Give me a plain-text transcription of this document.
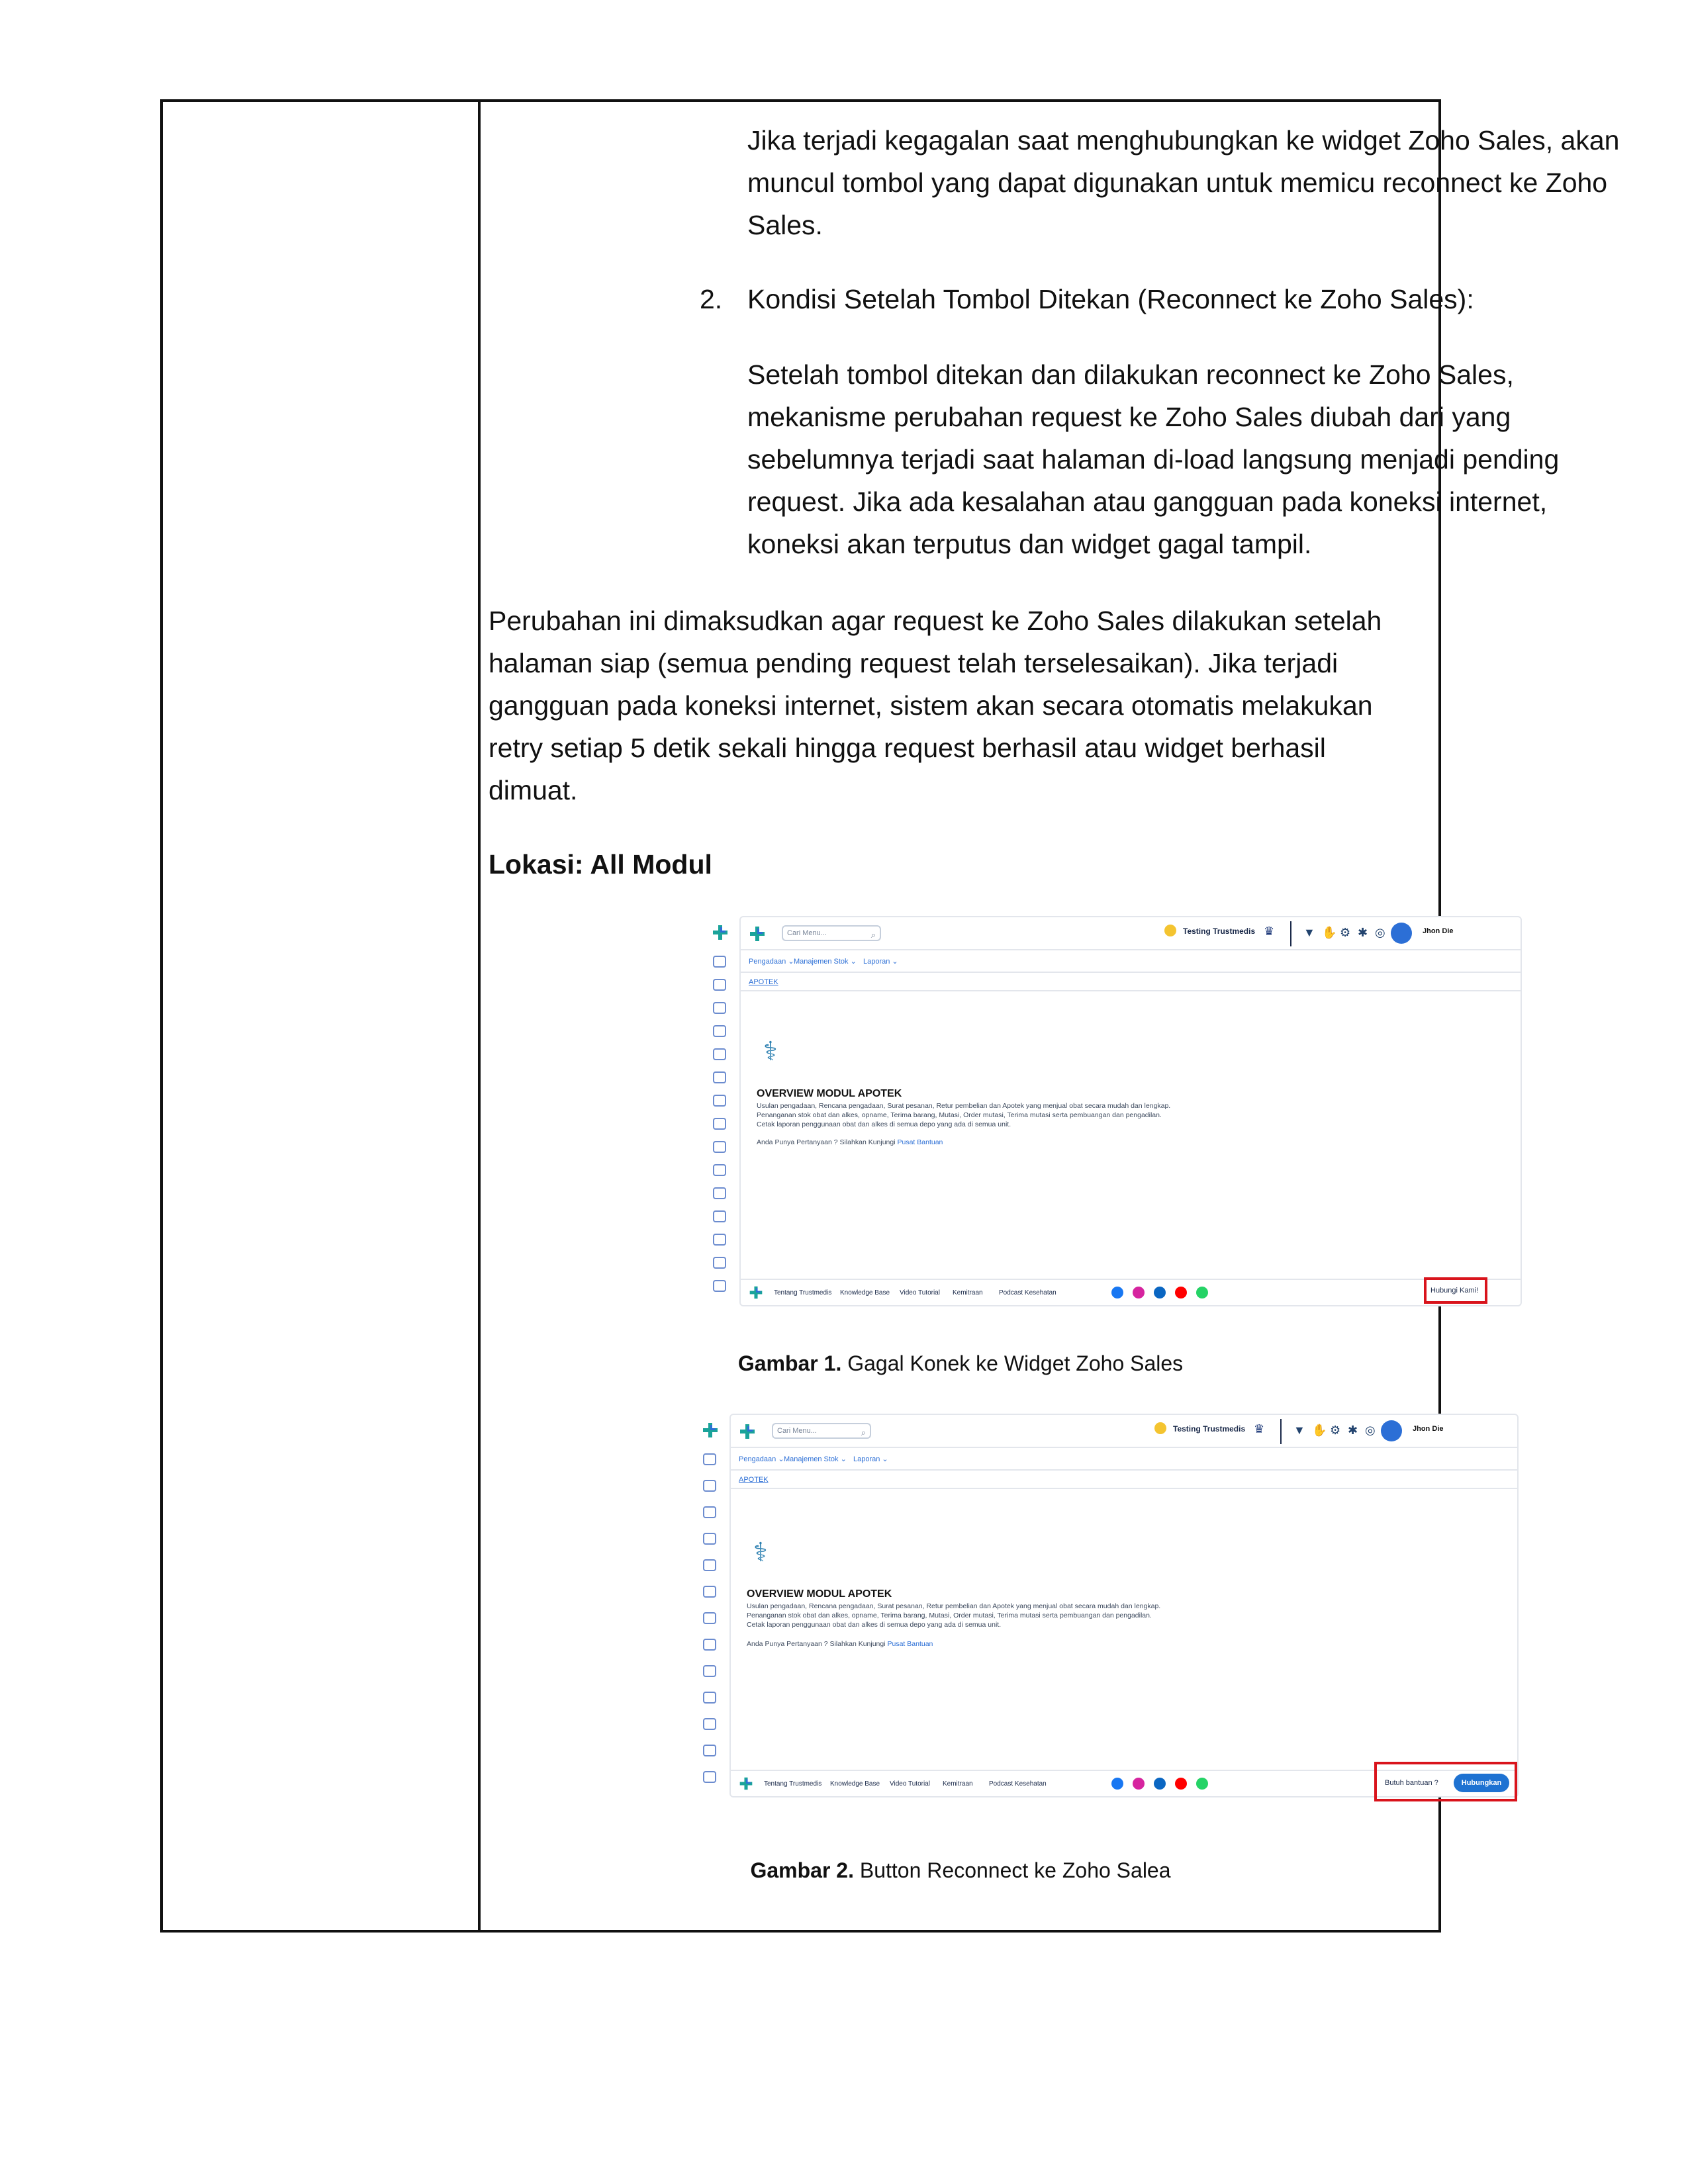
Jika terjadi kegagalan saat menghubungkan ke widget Zoho Sales, akan muncul tombol yang dapat digunakan untuk memicu reconnect ke Zoho Sales.

2. Kondisi Setelah Tombol Ditekan (Reconnect ke Zoho Sales):

Setelah tombol ditekan dan dilakukan reconnect ke Zoho Sales, mekanisme perubahan request ke Zoho Sales diubah dari yang sebelumnya terjadi saat halaman di-load langsung menjadi pending request. Jika ada kesalahan atau gangguan pada koneksi internet, koneksi akan terputus dan widget gagal tampil.

Perubahan ini dimaksudkan agar request ke Zoho Sales dilakukan setelah halaman siap (semua pending request telah terselesaikan). Jika terjadi gangguan pada koneksi internet, sistem akan secara otomatis melakukan retry setiap 5 detik sekali hingga request berhasil atau widget berhasil dimuat.

Lokasi: All Modul

Cari Menu...	⌕	Testing Trustmedis ♛ ▼ ✋ ⚙ ✱ ◎	Jhon Die
Pengadaan ⌄ Manajemen Stok ⌄ Laporan ⌄
APOTEK
⚕

OVERVIEW MODUL APOTEK

Usulan pengadaan, Rencana pengadaan, Surat pesanan, Retur pembelian dan Apotek yang menjual obat secara mudah dan lengkap.
Penanganan stok obat dan alkes, opname, Terima barang, Mutasi, Order mutasi, Terima mutasi serta pembuangan dan pengadilan.
Cetak laporan penggunaan obat dan alkes di semua depo yang ada di semua unit.

Anda Punya Pertanyaan ? Silahkan Kunjungi Pusat Bantuan

Tentang Trustmedis Knowledge Base Video Tutorial Kemitraan Podcast Kesehatan	Hubungi Kami!

Gambar 1. Gagal Konek ke Widget Zoho Sales

Cari Menu...	⌕	Testing Trustmedis ♛ ▼ ✋ ⚙ ✱ ◎	Jhon Die
Pengadaan ⌄ Manajemen Stok ⌄ Laporan ⌄
APOTEK
⚕

OVERVIEW MODUL APOTEK

Usulan pengadaan, Rencana pengadaan, Surat pesanan, Retur pembelian dan Apotek yang menjual obat secara mudah dan lengkap.
Penanganan stok obat dan alkes, opname, Terima barang, Mutasi, Order mutasi, Terima mutasi serta pembuangan dan pengadilan.
Cetak laporan penggunaan obat dan alkes di semua depo yang ada di semua unit.

Anda Punya Pertanyaan ? Silahkan Kunjungi Pusat Bantuan

Tentang Trustmedis Knowledge Base Video Tutorial Kemitraan Podcast Kesehatan	Butuh bantuan ?	Hubungkan

Gambar 2. Button Reconnect ke Zoho Salea
